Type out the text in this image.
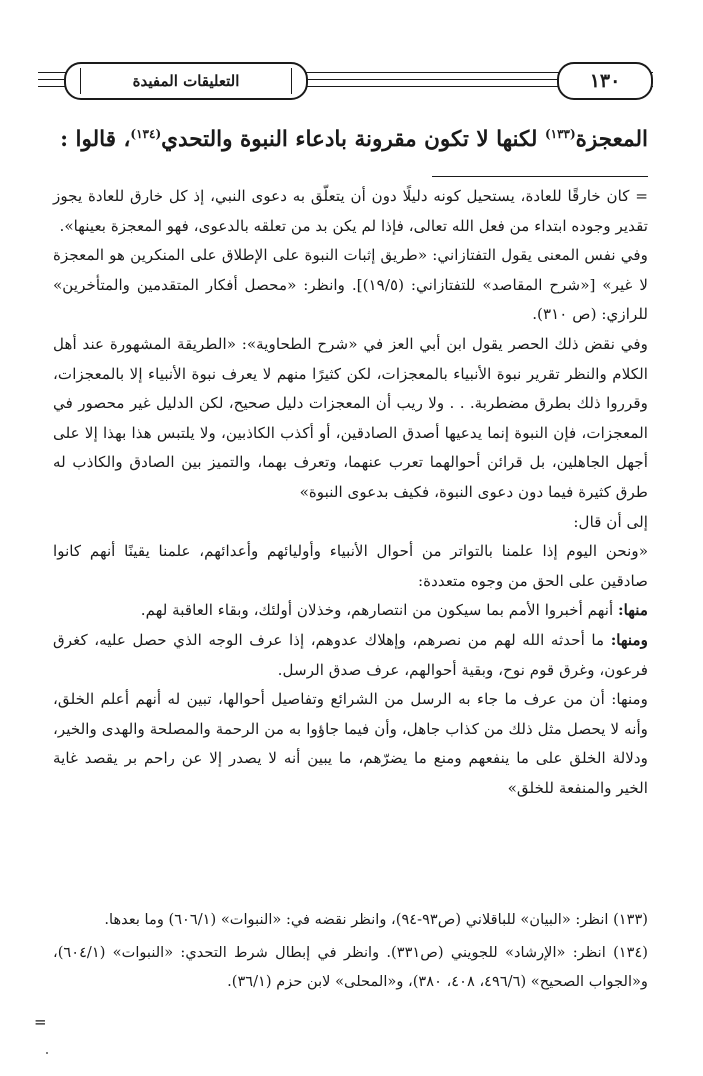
١٣٠
التعليقات المفيدة
المعجزة$^{(١٣٣)}$ لكنها لا تكون مقرونة بادعاء النبوة والتحدي$^{(١٣٤)}$، قالوا :

= كان خارقًا للعادة، يستحيل كونه دليلًا دون أن يتعلّق به دعوى النبي، إذ كل خارق للعادة يجوز تقدير وجوده ابتداء من فعل الله تعالى، فإذا لم يكن بد من تعلقه بالدعوى، فهو المعجزة بعينها».

وفي نفس المعنى يقول التفتازاني: «طريق إثبات النبوة على الإطلاق على المنكرين هو المعجزة لا غير» [«شرح المقاصد» للتفتازاني: (١٩/٥)]. وانظر: «محصل أفكار المتقدمين والمتأخرين» للرازي: (ص ٣١٠).

وفي نقض ذلك الحصر يقول ابن أبي العز في «شرح الطحاوية»: «الطريقة المشهورة عند أهل الكلام والنظر تقرير نبوة الأنبياء بالمعجزات، لكن كثيرًا منهم لا يعرف نبوة الأنبياء إلا بالمعجزات، وقرروا ذلك بطرق مضطربة. . . ولا ريب أن المعجزات دليل صحيح، لكن الدليل غير محصور في المعجزات، فإن النبوة إنما يدعيها أصدق الصادقين، أو أكذب الكاذبين، ولا يلتبس هذا بهذا إلا على أجهل الجاهلين، بل قرائن أحوالهما تعرب عنهما، وتعرف بهما، والتميز بين الصادق والكاذب له طرق كثيرة فيما دون دعوى النبوة، فكيف بدعوى النبوة»

إلى أن قال:

«ونحن اليوم إذا علمنا بالتواتر من أحوال الأنبياء وأوليائهم وأعدائهم، علمنا يقينًا أنهم كانوا صادقين على الحق من وجوه متعددة:

منها: أنهم أخبروا الأمم بما سيكون من انتصارهم، وخذلان أولئك، وبقاء العاقبة لهم.

ومنها: ما أحدثه الله لهم من نصرهم، وإهلاك عدوهم، إذا عرف الوجه الذي حصل عليه، كغرق فرعون، وغرق قوم نوح، وبقية أحوالهم، عرف صدق الرسل.

ومنها: أن من عرف ما جاء به الرسل من الشرائع وتفاصيل أحوالها، تبين له أنهم أعلم الخلق، وأنه لا يحصل مثل ذلك من كذاب جاهل، وأن فيما جاؤوا به من الرحمة والمصلحة والهدى والخير، ودلالة الخلق على ما ينفعهم ومنع ما يضرّهم، ما يبين أنه لا يصدر إلا عن راحم بر يقصد غاية الخير والمنفعة للخلق»

(١٣٣) انظر: «البيان» للباقلاني (ص٩٣-٩٤)، وانظر نقضه في: «النبوات» (٦٠٦/١) وما بعدها.

(١٣٤) انظر: «الإرشاد» للجويني (ص٣٣١). وانظر في إبطال شرط التحدي: «النبوات» (٦٠٤/١)، و«الجواب الصحيح» (٤٩٦/٦، ٤٠٨، ٣٨٠)، و«المحلى» لابن حزم (٣٦/١).

=
